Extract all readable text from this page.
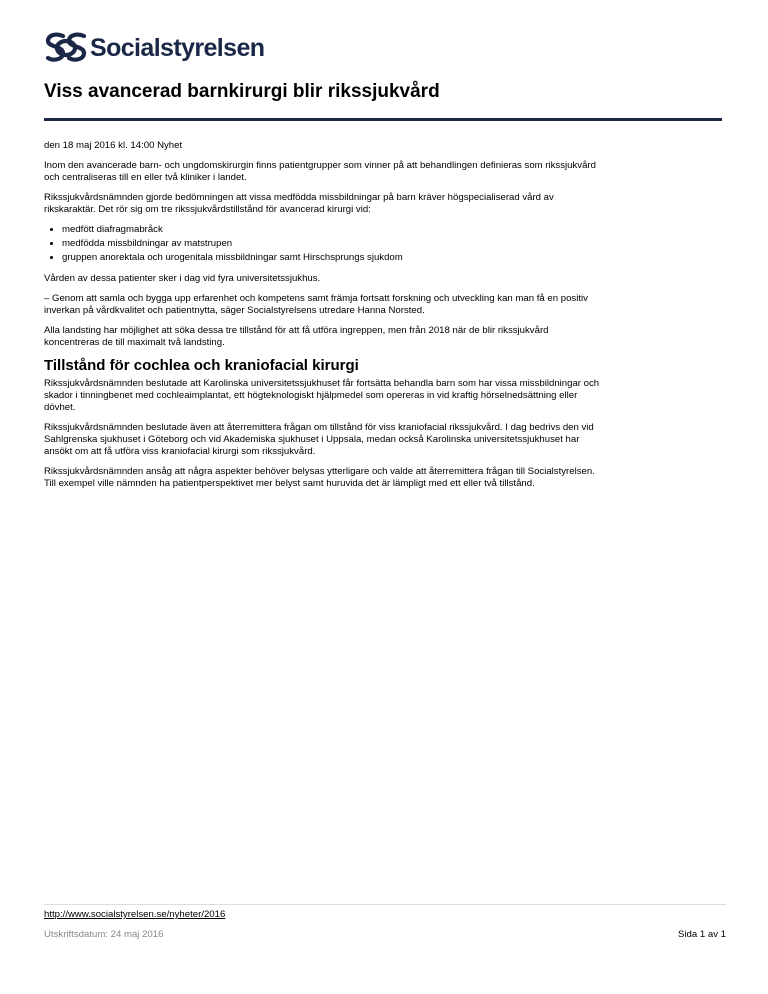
Socialstyrelsen
Viss avancerad barnkirurgi blir rikssjukvård

den 18 maj 2016 kl. 14:00 Nyhet

Inom den avancerade barn- och ungdomskirurgin finns patientgrupper som vinner på att behandlingen definieras som rikssjukvård och centraliseras till en eller två kliniker i landet.

Rikssjukvårdsnämnden gjorde bedömningen att vissa medfödda missbildningar på barn kräver högspecialiserad vård av rikskaraktär. Det rör sig om tre rikssjukvårdstillstånd för avancerad kirurgi vid:

• medfött diafragmabråck
• medfödda missbildningar av matstrupen
• gruppen anorektala och urogenitala missbildningar samt Hirschsprungs sjukdom

Vården av dessa patienter sker i dag vid fyra universitetssjukhus.

– Genom att samla och bygga upp erfarenhet och kompetens samt främja fortsatt forskning och utveckling kan man få en positiv inverkan på vårdkvalitet och patientnytta, säger Socialstyrelsens utredare Hanna Norsted.

Alla landsting har möjlighet att söka dessa tre tillstånd för att få utföra ingreppen, men från 2018 när de blir rikssjukvård koncentreras de till maximalt två landsting.

Tillstånd för cochlea och kraniofacial kirurgi

Rikssjukvårdsnämnden beslutade att Karolinska universitetssjukhuset får fortsätta behandla barn som har vissa missbildningar och skador i tinningbenet med cochleaimplantat, ett högteknologiskt hjälpmedel som opereras in vid kraftig hörselnedsättning eller dövhet.

Rikssjukvårdsnämnden beslutade även att återremittera frågan om tillstånd för viss kraniofacial rikssjukvård. I dag bedrivs den vid Sahlgrenska sjukhuset i Göteborg och vid Akademiska sjukhuset i Uppsala, medan också Karolinska universitetssjukhuset har ansökt om att få utföra viss kraniofacial kirurgi som rikssjukvård.

Rikssjukvårdsnämnden ansåg att några aspekter behöver belysas ytterligare och valde att återremittera frågan till Socialstyrelsen. Till exempel ville nämnden ha patientperspektivet mer belyst samt huruvida det är lämpligt med ett eller två tillstånd.

http://www.socialstyrelsen.se/nyheter/2016
Utskriftsdatum: 24 maj 2016	Sida 1 av 1
